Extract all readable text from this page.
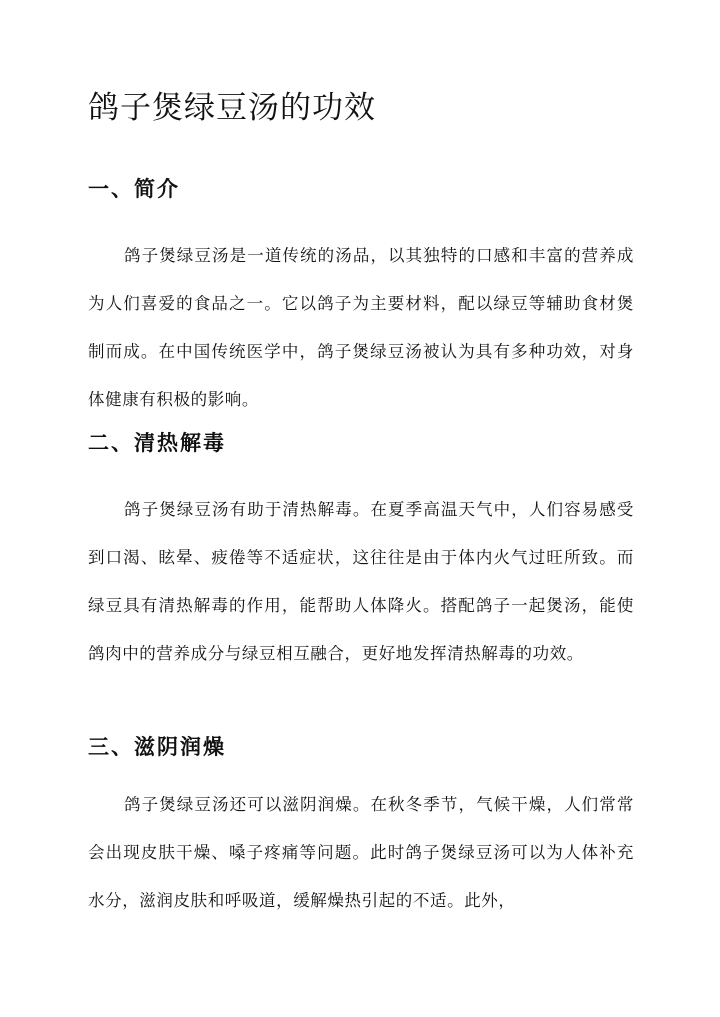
鸽子煲绿豆汤的功效
一、简介

鸽子煲绿豆汤是一道传统的汤品，以其独特的口感和丰富的营养成为人们喜爱的食品之一。它以鸽子为主要材料，配以绿豆等辅助食材煲制而成。在中国传统医学中，鸽子煲绿豆汤被认为具有多种功效，对身体健康有积极的影响。

二、清热解毒

鸽子煲绿豆汤有助于清热解毒。在夏季高温天气中，人们容易感受到口渴、眩晕、疲倦等不适症状，这往往是由于体内火气过旺所致。而绿豆具有清热解毒的作用，能帮助人体降火。搭配鸽子一起煲汤，能使鸽肉中的营养成分与绿豆相互融合，更好地发挥清热解毒的功效。

三、滋阴润燥

鸽子煲绿豆汤还可以滋阴润燥。在秋冬季节，气候干燥，人们常常会出现皮肤干燥、嗓子疼痛等问题。此时鸽子煲绿豆汤可以为人体补充水分，滋润皮肤和呼吸道，缓解燥热引起的不适。此外，
